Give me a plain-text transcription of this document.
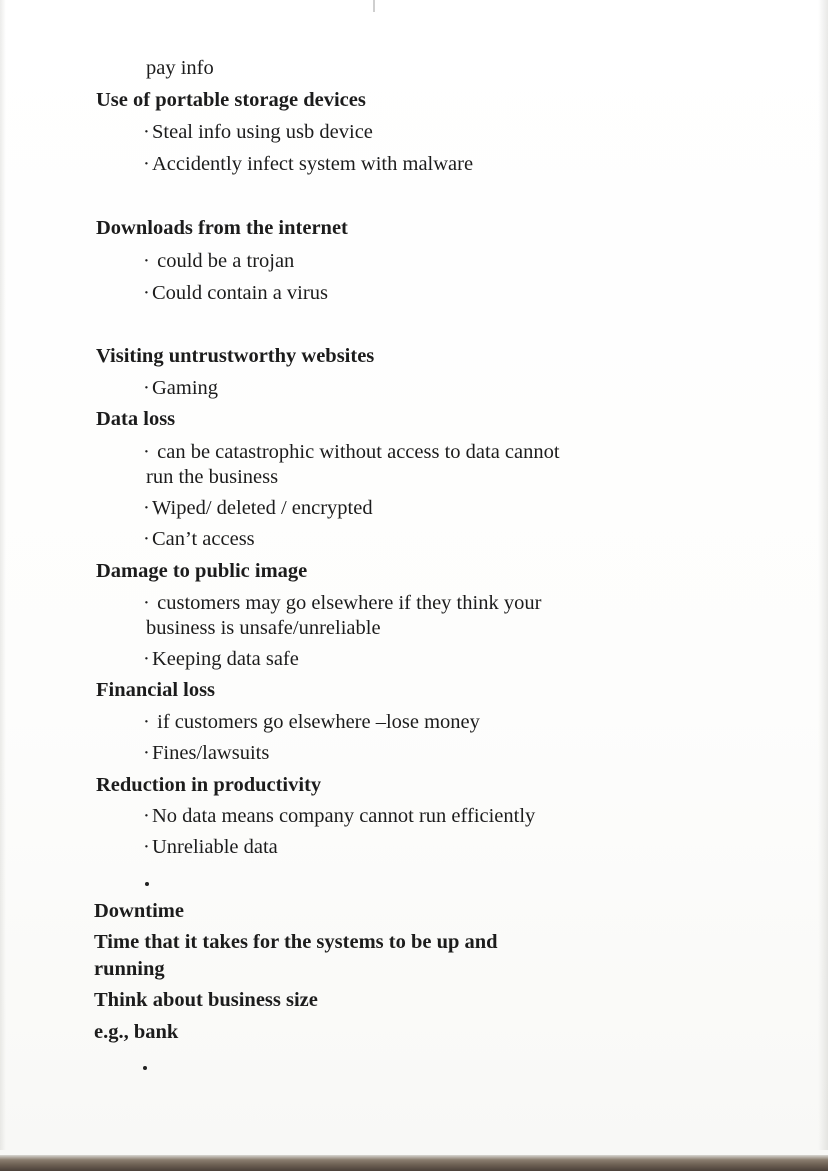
pay info
Use of portable storage devices
· Steal info using usb device
· Accidently infect system with malware
Downloads from the internet
· could be a trojan
· Could contain a virus
Visiting untrustworthy websites
· Gaming
Data loss
· can be catastrophic without access to data cannot
run the business
· Wiped/ deleted / encrypted
· Can’t access
Damage to public image
· customers may go elsewhere if they think your
business is unsafe/unreliable
· Keeping data safe
Financial loss
· if customers go elsewhere –lose money
· Fines/lawsuits
Reduction in productivity
· No data means company cannot run efficiently
· Unreliable data
Downtime
Time that it takes for the systems to be up and
running
Think about business size
e.g., bank
